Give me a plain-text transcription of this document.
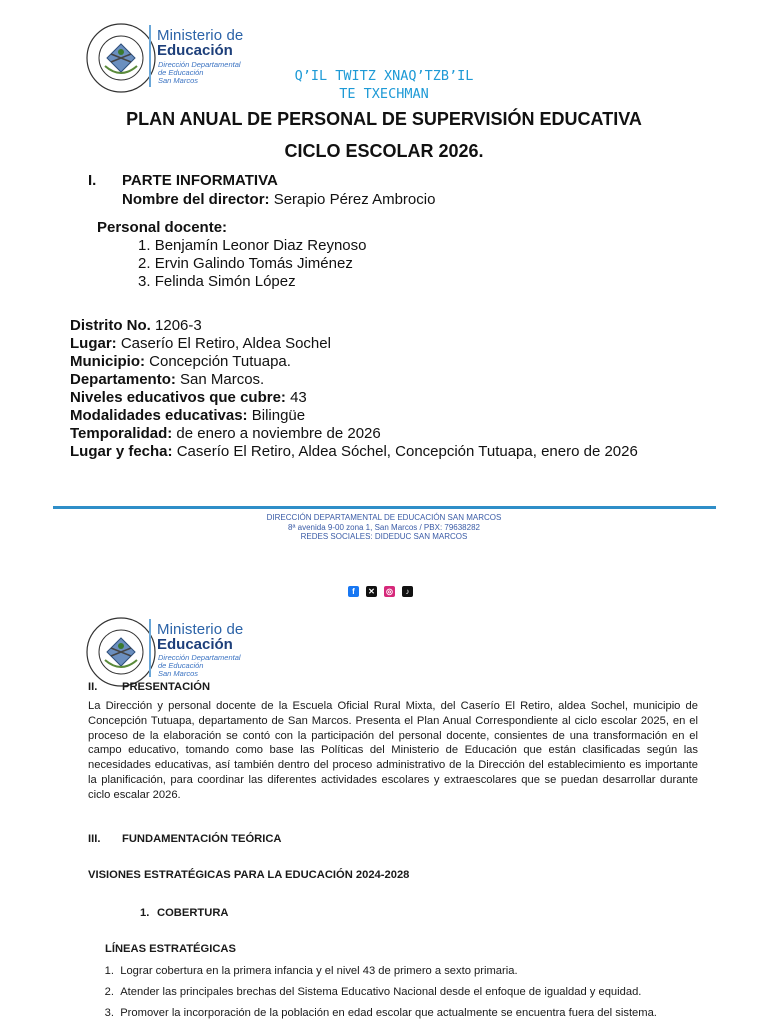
Ministerio de
Educación
Dirección Departamental
de Educación
San Marcos	Q’IL TWITZ XNAQ’TZB’IL
TE TXECHMAN
PLAN ANUAL DE PERSONAL DE SUPERVISIÓN EDUCATIVA
CICLO ESCOLAR 2026.
I. PARTE INFORMATIVA
Nombre del director: Serapio Pérez Ambrocio
Personal docente:
1. Benjamín Leonor Diaz Reynoso
2. Ervin Galindo Tomás Jiménez
3. Felinda Simón López
Distrito No. 1206-3
Lugar: Caserío El Retiro, Aldea Sochel
Municipio: Concepción Tutuapa.
Departamento: San Marcos.
Niveles educativos que cubre: 43
Modalidades educativas: Bilingüe
Temporalidad: de enero a noviembre de 2026
Lugar y fecha: Caserío El Retiro, Aldea Sóchel, Concepción Tutuapa, enero de 2026
DIRECCIÓN DEPARTAMENTAL DE EDUCACIÓN SAN MARCOS
8ª avenida 9-00 zona 1, San Marcos / PBX: 79638282
REDES SOCIALES: DIDEDUC SAN MARCOS
f	✕ ◎	♪
Ministerio de
Educación
Dirección Departamental
de Educación
San Marcos
II. PRESENTACIÓN
La Dirección y personal docente de la Escuela Oficial Rural Mixta, del Caserío El Retiro, aldea Sochel, municipio de Concepción Tutuapa, departamento de San Marcos. Presenta el Plan Anual Correspondiente al ciclo escolar 2025, en el proceso de la elaboración se contó con la participación del personal docente, consientes de una transformación en el campo educativo, tomando como base las Políticas del Ministerio de Educación que están clasificadas según las necesidades educativas, así también dentro del proceso administrativo de la Dirección del establecimiento es importante la planificación, para coordinar las diferentes actividades escolares y extraescolares que se puedan desarrollar durante ciclo escalar 2026.
III. FUNDAMENTACIÓN TEÓRICA
VISIONES ESTRATÉGICAS PARA LA EDUCACIÓN 2024-2028
1. COBERTURA
LÍNEAS ESTRATÉGICAS
1. Lograr cobertura en la primera infancia y el nivel 43 de primero a sexto primaria.
2. Atender las principales brechas del Sistema Educativo Nacional desde el enfoque de igualdad y equidad.
3. Promover la incorporación de la población en edad escolar que actualmente se encuentra fuera del sistema.
